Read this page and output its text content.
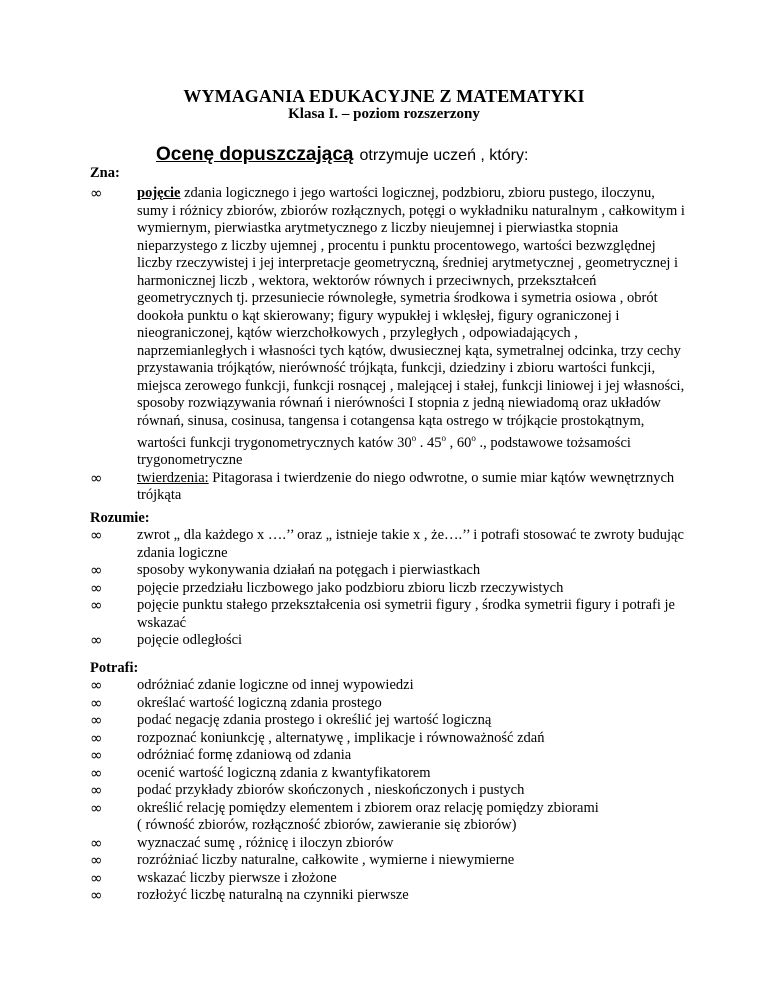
WYMAGANIA EDUKACYJNE Z MATEMATYKI
Klasa I. – poziom rozszerzony
Ocenę dopuszczającą otrzymuje uczeń , który:
Zna:
∞ pojęcie zdania logicznego i jego wartości logicznej, podzbioru, zbioru pustego, iloczynu, sumy i różnicy zbiorów, zbiorów rozłącznych, potęgi o wykładniku naturalnym , całkowitym i wymiernym, pierwiastka arytmetycznego z liczby nieujemnej i pierwiastka stopnia nieparzystego z liczby ujemnej , procentu i punktu procentowego, wartości bezwzględnej liczby rzeczywistej i jej interpretacje geometryczną, średniej arytmetycznej , geometrycznej i harmonicznej liczb , wektora, wektorów równych i przeciwnych, przekształceń geometrycznych tj. przesuniecie równoległe, symetria środkowa i symetria osiowa , obrót dookoła punktu o kąt skierowany; figury wypukłej i wklęsłej, figury ograniczonej i nieograniczonej, kątów wierzchołkowych , przyległych , odpowiadających , naprzemianległych i własności tych kątów, dwusiecznej kąta, symetralnej odcinka, trzy cechy przystawania trójkątów, nierówność trójkąta, funkcji, dziedziny i zbioru wartości funkcji, miejsca zerowego funkcji, funkcji rosnącej , malejącej i stałej, funkcji liniowej i jej własności, sposoby rozwiązywania równań i nierówności I stopnia z jedną niewiadomą oraz układów równań, sinusa, cosinusa, tangensa i cotangensa kąta ostrego w trójkącie prostokątnym, wartości funkcji trygonometrycznych katów 30$^o$ . 45$^o$ , 60$^o$ ., podstawowe tożsamości trygonometryczne
∞ twierdzenia: Pitagorasa i twierdzenie do niego odwrotne, o sumie miar kątów wewnętrznych trójkąta
Rozumie:
∞ zwrot „ dla każdego x ….’’ oraz „ istnieje takie x , że….’’ i potrafi stosować te zwroty budując zdania logiczne
∞ sposoby wykonywania działań na potęgach i pierwiastkach
∞ pojęcie przedziału liczbowego jako podzbioru zbioru liczb rzeczywistych
∞ pojęcie punktu stałego przekształcenia osi symetrii figury , środka symetrii figury i potrafi je wskazać
∞ pojęcie odległości
Potrafi:
∞ odróżniać zdanie logiczne od innej wypowiedzi
∞ określać wartość logiczną zdania prostego
∞ podać negację zdania prostego i określić jej wartość logiczną
∞ rozpoznać koniunkcję , alternatywę , implikacje i równoważność zdań
∞ odróżniać formę zdaniową od zdania
∞ ocenić wartość logiczną zdania z kwantyfikatorem
∞ podać przykłady zbiorów skończonych , nieskończonych i pustych
∞ określić relację pomiędzy elementem i zbiorem oraz relację pomiędzy zbiorami
( równość zbiorów, rozłączność zbiorów, zawieranie się zbiorów)
∞ wyznaczać sumę , różnicę i iloczyn zbiorów
∞ rozróżniać liczby naturalne, całkowite , wymierne i niewymierne
∞ wskazać liczby pierwsze i złożone
∞ rozłożyć liczbę naturalną na czynniki pierwsze
